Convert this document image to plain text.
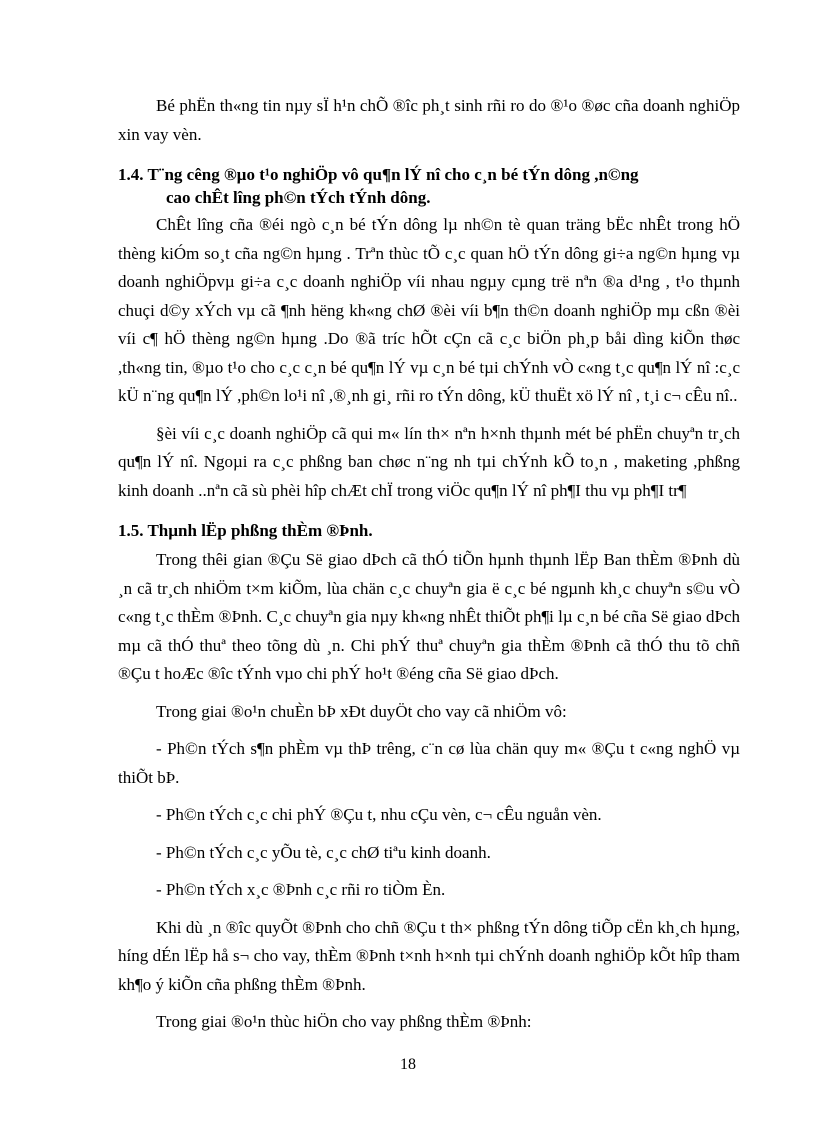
Bé phËn th«ng tin nµy sÏ h¹n chÕ ®îc ph¸t sinh rñi ro do ®¹o ®øc cña doanh nghiÖp xin vay vèn.

1.4. T¨ng cêng ®µo t¹o nghiÖp vô qu¶n lÝ nî cho c¸n bé tÝn dông ,n©ng
cao chÊt lîng ph©n tÝch tÝnh dông.

ChÊt lîng cña ®éi ngò c¸n bé tÝn dông lµ nh©n tè quan träng bËc nhÊt trong hÖ thèng kiÓm so¸t cña ng©n hµng . Trªn thùc tÕ c¸c quan hÖ tÝn dông gi÷a ng©n hµng vµ doanh nghiÖpvµ gi÷a c¸c doanh nghiÖp víi nhau ngµy cµng trë nªn ®a d¹ng , t¹o thµnh chuçi d©y xÝch vµ cã ¶nh hëng kh«ng chØ ®èi víi b¶n th©n doanh nghiÖp mµ cßn ®èi víi c¶ hÖ thèng ng©n hµng .Do ®ã tríc hÕt cÇn cã c¸c biÖn ph¸p båi dìng kiÕn thøc ,th«ng tin, ®µo t¹o cho c¸c c¸n bé qu¶n lÝ vµ c¸n bé tµi chÝnh vÒ c«ng t¸c qu¶n lÝ nî :c¸c kÜ n¨ng qu¶n lÝ ,ph©n lo¹i nî ,®¸nh gi¸ rñi ro tÝn dông, kÜ thuËt xö lÝ nî , t¸i c¬ cÊu nî..

§èi víi c¸c doanh nghiÖp cã qui m« lín th× nªn h×nh thµnh mét bé phËn chuyªn tr¸ch qu¶n lÝ nî. Ngoµi ra c¸c phßng ban chøc n¨ng nh tµi chÝnh kÕ to¸n , maketing ,phßng kinh doanh ..nªn cã sù phèi hîp chÆt chÏ trong viÖc qu¶n lÝ nî ph¶I thu vµ ph¶I tr¶

1.5. Thµnh lËp phßng thÈm ®Þnh.

Trong thêi gian ®Çu Së giao dÞch cã thÓ tiÕn hµnh thµnh lËp Ban thÈm ®Þnh dù ¸n cã tr¸ch nhiÖm t×m kiÕm, lùa chän c¸c chuyªn gia ë c¸c bé ngµnh kh¸c chuyªn s©u vÒ c«ng t¸c thÈm ®Þnh. C¸c chuyªn gia nµy kh«ng nhÊt thiÕt ph¶i lµ c¸n bé cña Së giao dÞch mµ cã thÓ thuª theo tõng dù ¸n. Chi phÝ thuª chuyªn gia thÈm ®Þnh cã thÓ thu tõ chñ ®Çu t hoÆc ®îc tÝnh vµo chi phÝ ho¹t ®éng cña Së giao dÞch.

Trong giai ®o¹n chuÈn bÞ xÐt duyÖt cho vay cã nhiÖm vô:

- Ph©n tÝch s¶n phÈm vµ thÞ trêng, c¨n cø lùa chän quy m« ®Çu t c«ng nghÖ vµ thiÕt bÞ.

- Ph©n tÝch c¸c chi phÝ ®Çu t, nhu cÇu vèn, c¬ cÊu nguån vèn.

- Ph©n tÝch c¸c yÕu tè, c¸c chØ tiªu kinh doanh.

- Ph©n tÝch x¸c ®Þnh c¸c rñi ro tiÒm Èn.

Khi dù ¸n ®îc quyÕt ®Þnh cho chñ ®Çu t th× phßng tÝn dông tiÕp cËn kh¸ch hµng, híng dÉn lËp hå s¬ cho vay, thÈm ®Þnh t×nh h×nh tµi chÝnh doanh nghiÖp kÕt hîp tham kh¶o ý kiÕn cña phßng thÈm ®Þnh.

Trong giai ®o¹n thùc hiÖn cho vay phßng thÈm ®Þnh:

18
